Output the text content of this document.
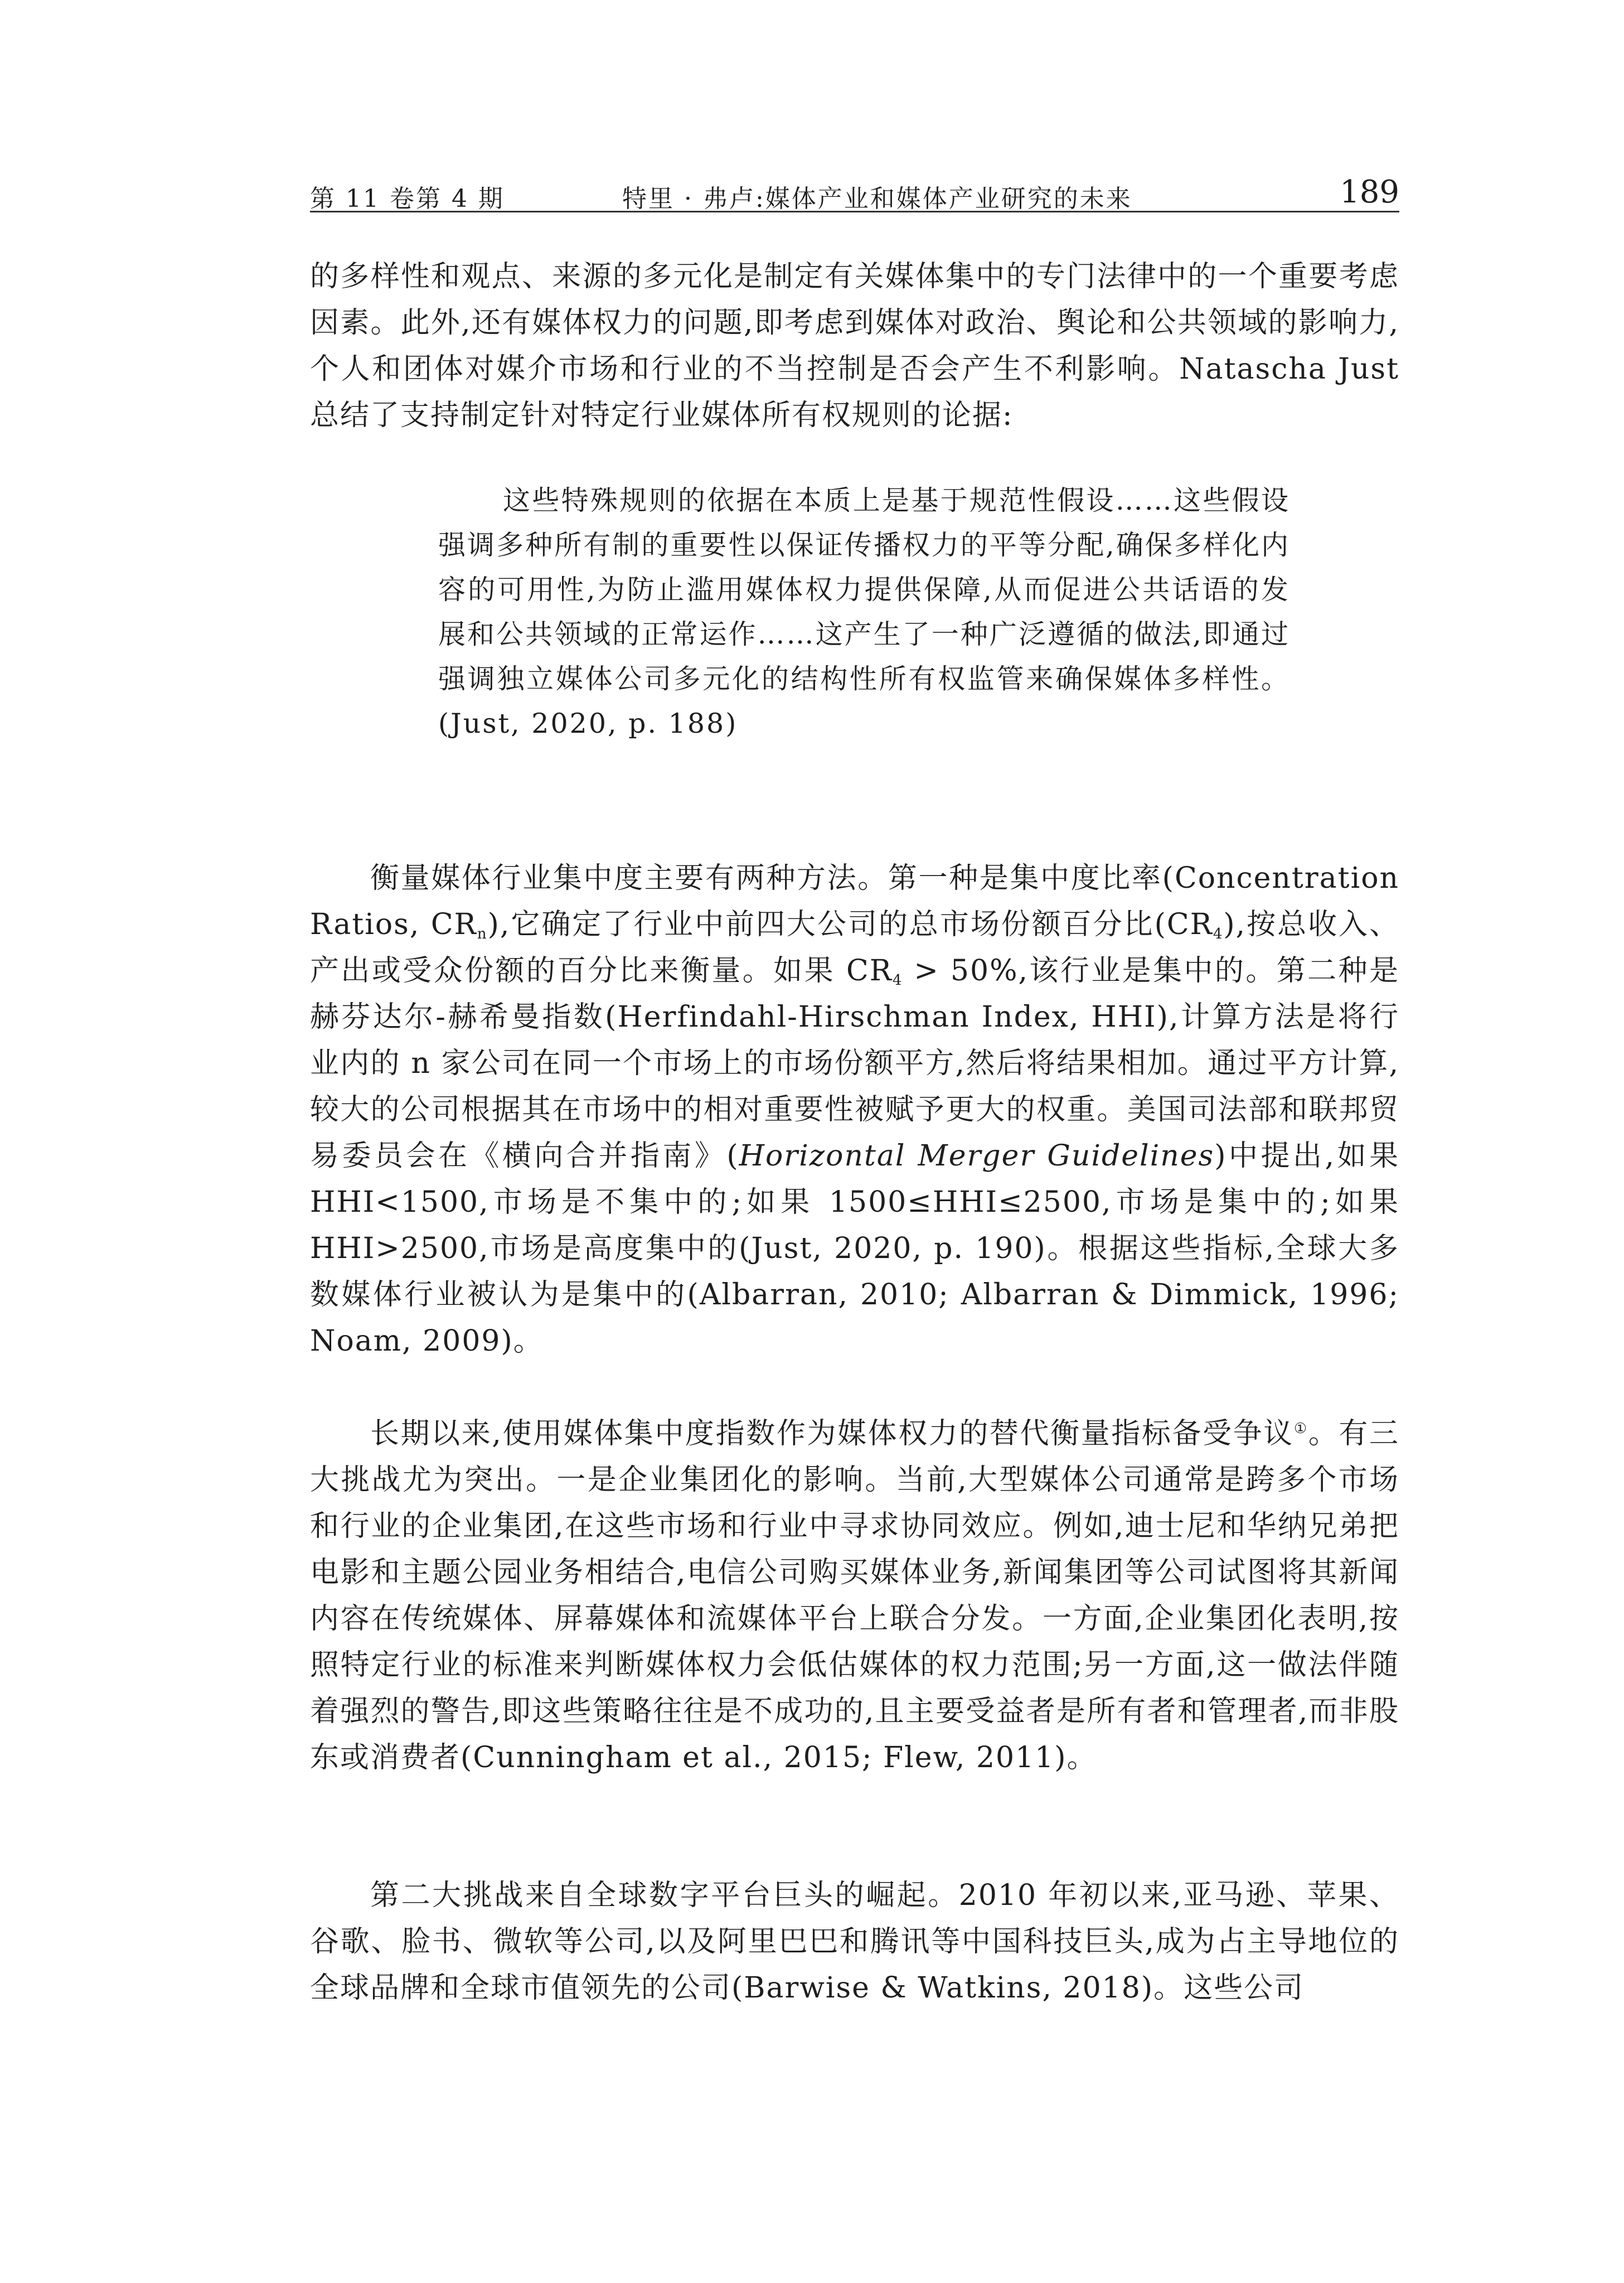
第 11 卷第 4 期	特里 · 弗卢:媒体产业和媒体产业研究的未来	189

的多样性和观点、来源的多元化是制定有关媒体集中的专门法律中的一个重要考虑因素。此外,还有媒体权力的问题,即考虑到媒体对政治、舆论和公共领域的影响力,个人和团体对媒介市场和行业的不当控制是否会产生不利影响。Natascha Just 总结了支持制定针对特定行业媒体所有权规则的论据:

这些特殊规则的依据在本质上是基于规范性假设……这些假设强调多种所有制的重要性以保证传播权力的平等分配,确保多样化内容的可用性,为防止滥用媒体权力提供保障,从而促进公共话语的发展和公共领域的正常运作……这产生了一种广泛遵循的做法,即通过强调独立媒体公司多元化的结构性所有权监管来确保媒体多样性。(Just, 2020, p. 188)

衡量媒体行业集中度主要有两种方法。第一种是集中度比率(Concentration Ratios, $CR_n$),它确定了行业中前四大公司的总市场份额百分比$(CR_4)$,按总收入、产出或受众份额的百分比来衡量。如果 $CR_4 > 50\%$,该行业是集中的。第二种是赫芬达尔-赫希曼指数(Herfindahl-Hirschman Index, HHI),计算方法是将行业内的 n 家公司在同一个市场上的市场份额平方,然后将结果相加。通过平方计算,较大的公司根据其在市场中的相对重要性被赋予更大的权重。美国司法部和联邦贸易委员会在《横向合并指南》(Horizontal Merger Guidelines)中提出,如果 HHI<1500,市场是不集中的;如果 1500≤HHI≤2500,市场是集中的;如果 HHI>2500,市场是高度集中的(Just, 2020, p. 190)。根据这些指标,全球大多数媒体行业被认为是集中的(Albarran, 2010; Albarran & Dimmick, 1996; Noam, 2009)。

长期以来,使用媒体集中度指数作为媒体权力的替代衡量指标备受争议①。有三大挑战尤为突出。一是企业集团化的影响。当前,大型媒体公司通常是跨多个市场和行业的企业集团,在这些市场和行业中寻求协同效应。例如,迪士尼和华纳兄弟把电影和主题公园业务相结合,电信公司购买媒体业务,新闻集团等公司试图将其新闻内容在传统媒体、屏幕媒体和流媒体平台上联合分发。一方面,企业集团化表明,按照特定行业的标准来判断媒体权力会低估媒体的权力范围;另一方面,这一做法伴随着强烈的警告,即这些策略往往是不成功的,且主要受益者是所有者和管理者,而非股东或消费者(Cunningham et al., 2015; Flew, 2011)。

第二大挑战来自全球数字平台巨头的崛起。2010 年初以来,亚马逊、苹果、谷歌、脸书、微软等公司,以及阿里巴巴和腾讯等中国科技巨头,成为占主导地位的全球品牌和全球市值领先的公司(Barwise & Watkins, 2018)。这些公司
